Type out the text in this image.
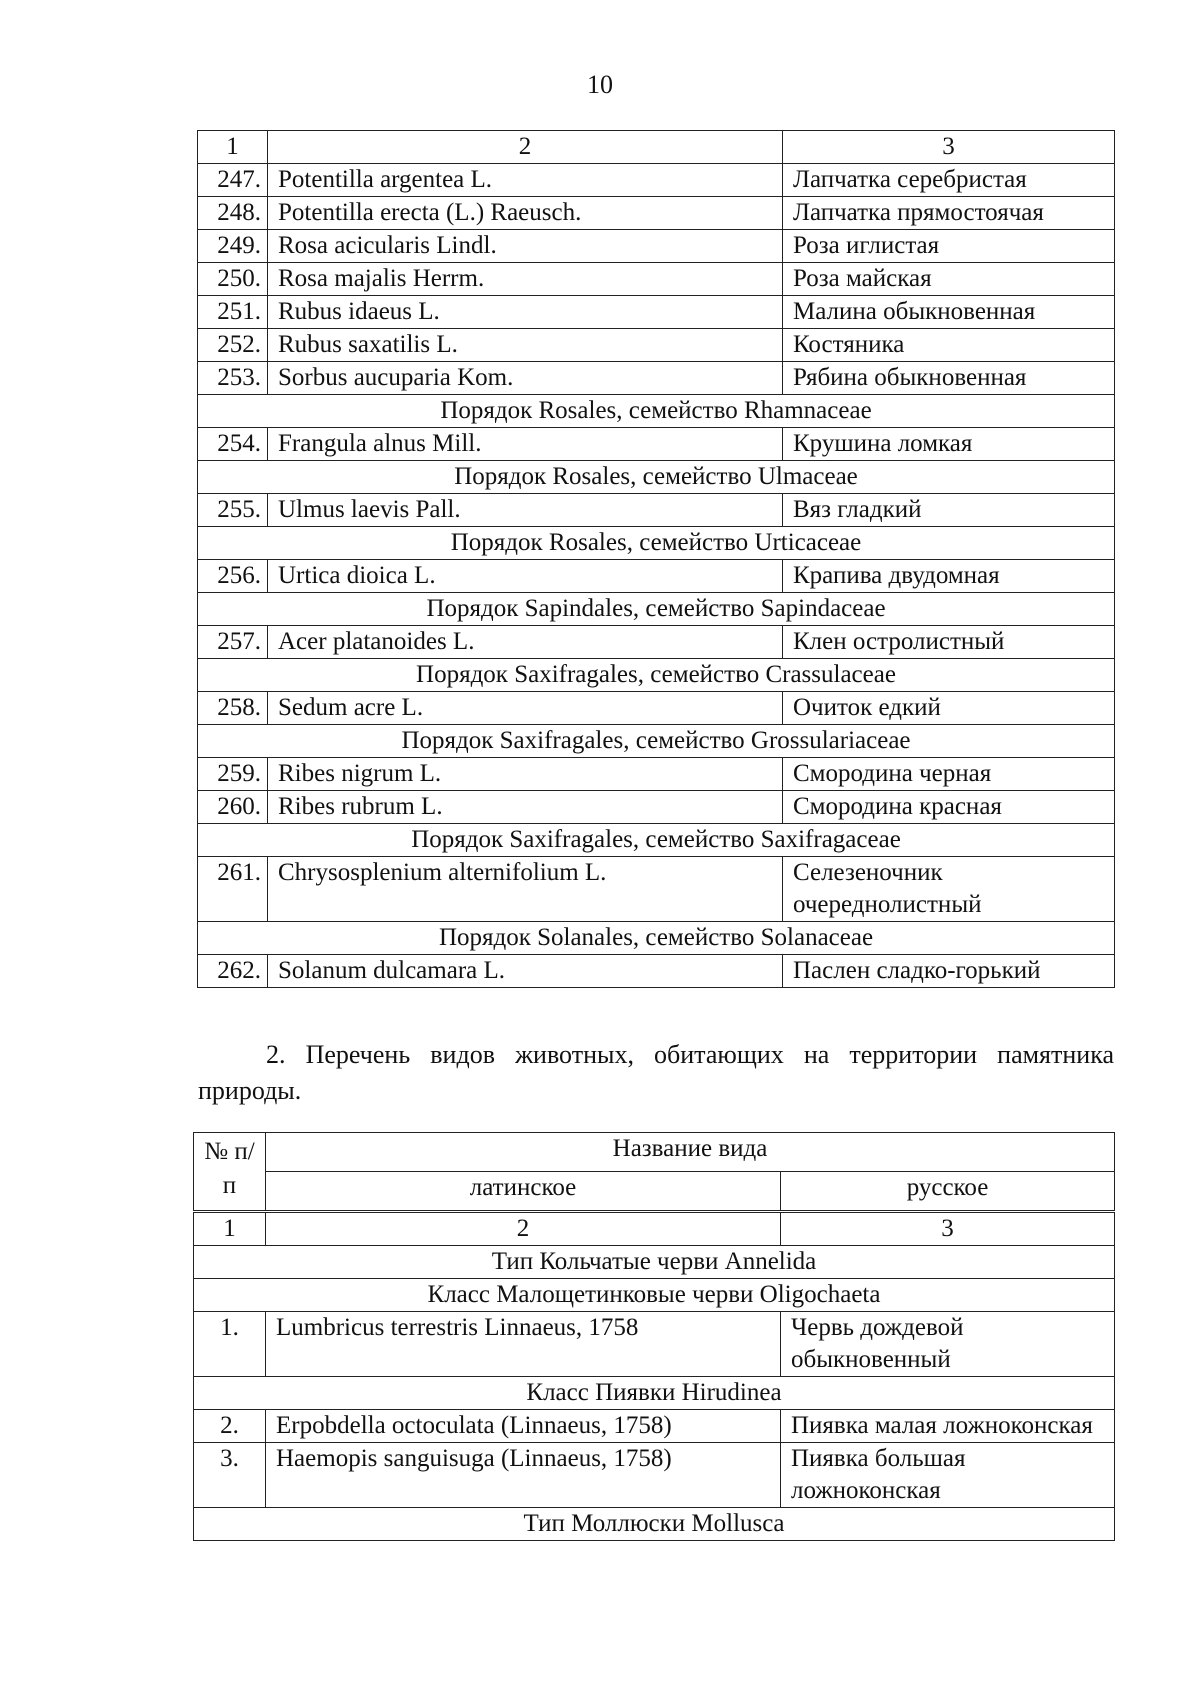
10
1	2	3
247.	Potentilla argentea L.	Лапчатка серебристая
248.	Potentilla erecta (L.) Raeusch.	Лапчатка прямостоячая
249.	Rosa acicularis Lindl.	Роза иглистая
250.	Rosa majalis Herrm.	Роза майская
251.	Rubus idaeus L.	Малина обыкновенная
252.	Rubus saxatilis L.	Костяника
253.	Sorbus aucuparia Kom.	Рябина обыкновенная
Порядок Rosales, семейство Rhamnaceae		
254.	Frangula alnus Mill.	Крушина ломкая
Порядок Rosales, семейство Ulmaceae		
255.	Ulmus laevis Pall.	Вяз гладкий
Порядок Rosales, семейство Urticaceae		
256.	Urtica dioica L.	Крапива двудомная
Порядок Sapindales, семейство Sapindaceae		
257.	Acer platanoides L.	Клен остролистный
Порядок Saxifragales, семейство Crassulaceae		
258.	Sedum acre L.	Очиток едкий
Порядок Saxifragales, семейство Grossulariaceae		
259.	Ribes nigrum L.	Смородина черная
260.	Ribes rubrum L.	Смородина красная
Порядок Saxifragales, семейство Saxifragaceae		
261.	Chrysosplenium alternifolium L.	Селезеночник очереднолистный
Порядок Solanales, семейство Solanaceae		
262.	Solanum dulcamara L.	Паслен сладко-горький
2. Перечень видов животных, обитающих на территории памятника природы.
№ п/п	Название вида	
	латинское	русское
1	2	3
Тип Кольчатые черви Annelida		
Класс Малощетинковые черви Oligochaeta		
1.	Lumbricus terrestris Linnaeus, 1758	Червь дождевой обыкновенный
Класс Пиявки Hirudinea		
2.	Erpobdella octoculata (Linnaeus, 1758)	Пиявка малая ложноконская
3.	Haemopis sanguisuga (Linnaeus, 1758)	Пиявка большая ложноконская
Тип Моллюски Mollusca		
